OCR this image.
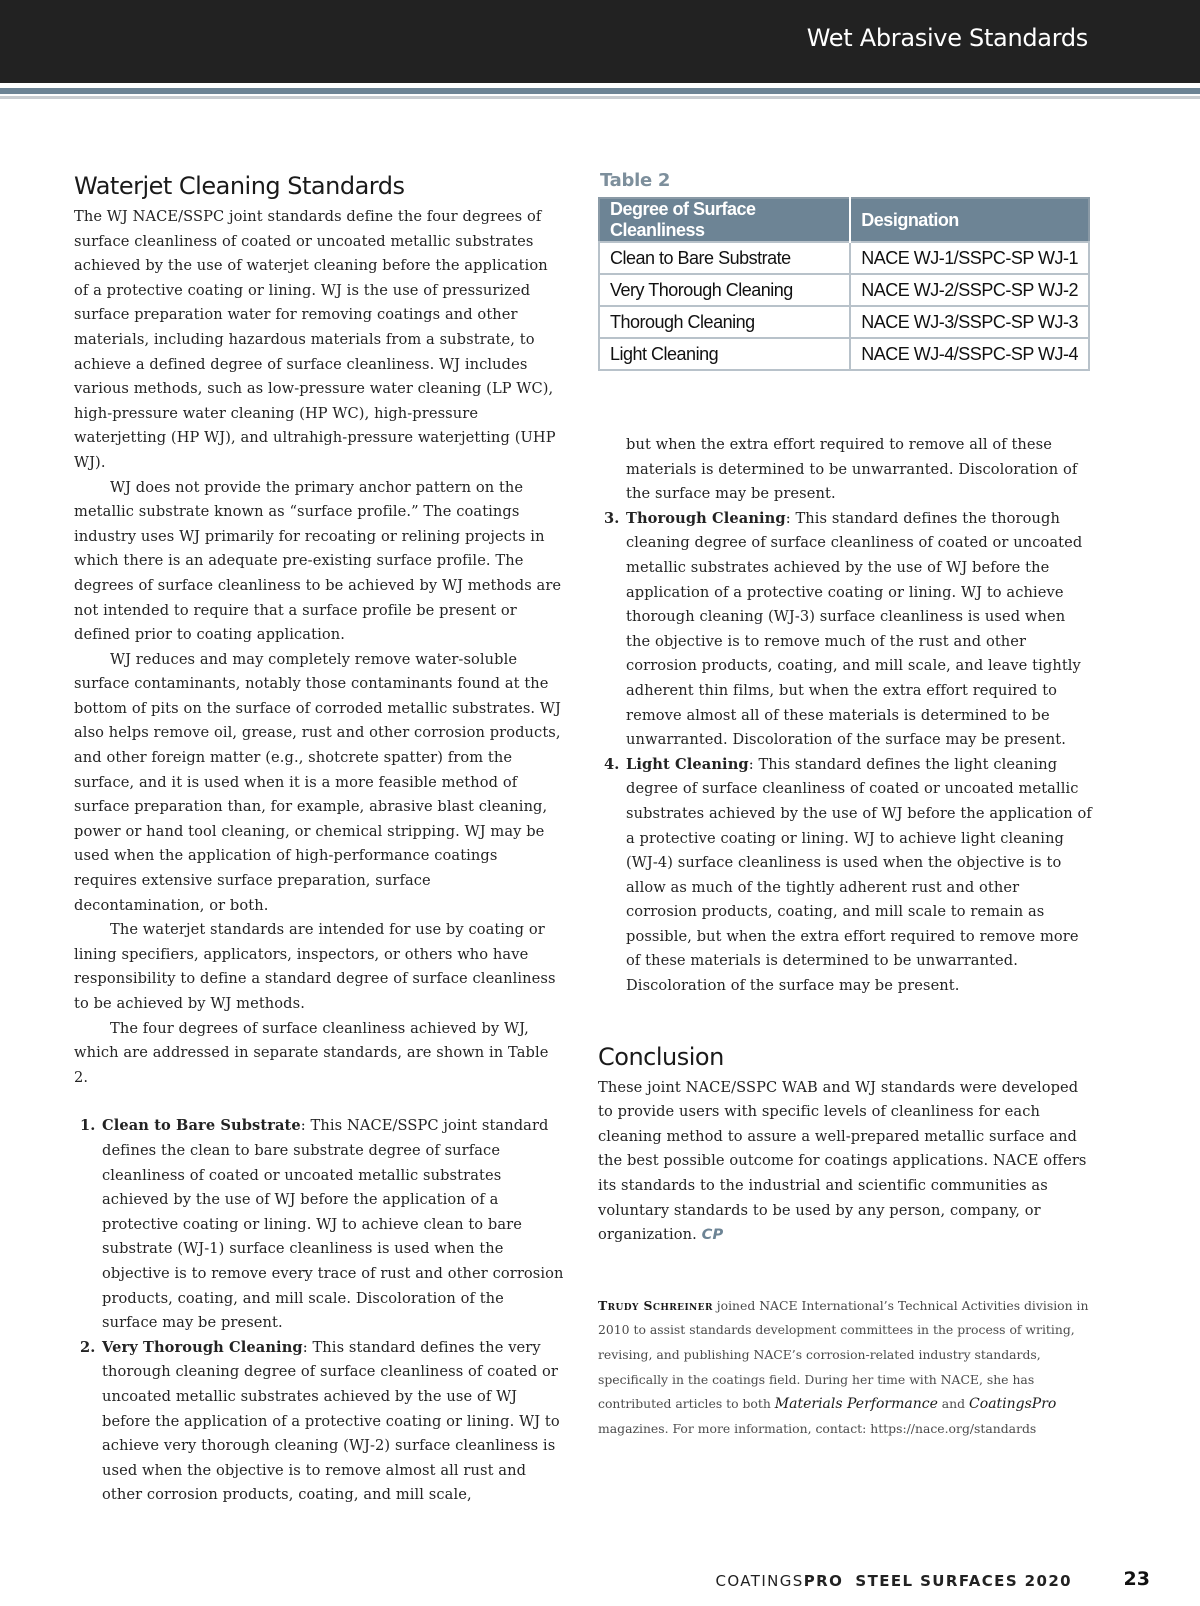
Wet Abrasive Standards
Waterjet Cleaning Standards

The WJ NACE/SSPC joint standards define the four degrees of surface cleanliness of coated or uncoated metallic substrates achieved by the use of waterjet cleaning before the application of a protective coating or lining. WJ is the use of pressurized surface preparation water for removing coatings and other materials, including hazardous materials from a substrate, to achieve a defined degree of surface cleanliness. WJ includes various methods, such as low-pressure water cleaning (LP WC), high-pressure water cleaning (HP WC), high-pressure waterjetting (HP WJ), and ultrahigh-pressure waterjetting (UHP WJ).

WJ does not provide the primary anchor pattern on the metallic substrate known as “surface profile.” The coatings industry uses WJ primarily for recoating or relining projects in which there is an adequate pre-existing surface profile. The degrees of surface cleanliness to be achieved by WJ methods are not intended to require that a surface profile be present or defined prior to coating application.

WJ reduces and may completely remove water-soluble surface contaminants, notably those contaminants found at the bottom of pits on the surface of corroded metallic substrates. WJ also helps remove oil, grease, rust and other corrosion products, and other foreign matter (e.g., shotcrete spatter) from the surface, and it is used when it is a more feasible method of surface preparation than, for example, abrasive blast cleaning, power or hand tool cleaning, or chemical stripping. WJ may be used when the application of high-performance coatings requires extensive surface preparation, surface decontamination, or both.

The waterjet standards are intended for use by coating or lining specifiers, applicators, inspectors, or others who have responsibility to define a standard degree of surface cleanliness to be achieved by WJ methods.

The four degrees of surface cleanliness achieved by WJ, which are addressed in separate standards, are shown in Table 2.

1. Clean to Bare Substrate: This NACE/SSPC joint standard defines the clean to bare substrate degree of surface cleanliness of coated or uncoated metallic substrates achieved by the use of WJ before the application of a protective coating or lining. WJ to achieve clean to bare substrate (WJ-1) surface cleanliness is used when the objective is to remove every trace of rust and other corrosion products, coating, and mill scale. Discoloration of the surface may be present.
2. Very Thorough Cleaning: This standard defines the very thorough cleaning degree of surface cleanliness of coated or uncoated metallic substrates achieved by the use of WJ before the application of a protective coating or lining. WJ to achieve very thorough cleaning (WJ-2) surface cleanliness is used when the objective is to remove almost all rust and other corrosion products, coating, and mill scale,
Table 2
Degree of Surface Cleanliness	Designation
Clean to Bare Substrate	NACE WJ-1/SSPC-SP WJ-1
Very Thorough Cleaning	NACE WJ-2/SSPC-SP WJ-2
Thorough Cleaning	NACE WJ-3/SSPC-SP WJ-3
Light Cleaning	NACE WJ-4/SSPC-SP WJ-4
but when the extra effort required to remove all of these materials is determined to be unwarranted. Discoloration of the surface may be present.
3. Thorough Cleaning: This standard defines the thorough cleaning degree of surface cleanliness of coated or uncoated metallic substrates achieved by the use of WJ before the application of a protective coating or lining. WJ to achieve thorough cleaning (WJ-3) surface cleanliness is used when the objective is to remove much of the rust and other corrosion products, coating, and mill scale, and leave tightly adherent thin films, but when the extra effort required to remove almost all of these materials is determined to be unwarranted. Discoloration of the surface may be present.
4. Light Cleaning: This standard defines the light cleaning degree of surface cleanliness of coated or uncoated metallic substrates achieved by the use of WJ before the application of a protective coating or lining. WJ to achieve light cleaning (WJ-4) surface cleanliness is used when the objective is to allow as much of the tightly adherent rust and other corrosion products, coating, and mill scale to remain as possible, but when the extra effort required to remove more of these materials is determined to be unwarranted. Discoloration of the surface may be present.
Conclusion

These joint NACE/SSPC WAB and WJ standards were developed to provide users with specific levels of cleanliness for each cleaning method to assure a well-prepared metallic surface and the best possible outcome for coatings applications. NACE offers its standards to the industrial and scientific communities as voluntary standards to be used by any person, company, or organization. CP

Trudy Schreiner joined NACE International’s Technical Activities division in 2010 to assist standards development committees in the process of writing, revising, and publishing NACE’s corrosion-related industry standards, specifically in the coatings field. During her time with NACE, she has contributed articles to both Materials Performance and CoatingsPro magazines. For more information, contact: https://nace.org/standards

COATINGSPRO STEEL SURFACES 2020	23
